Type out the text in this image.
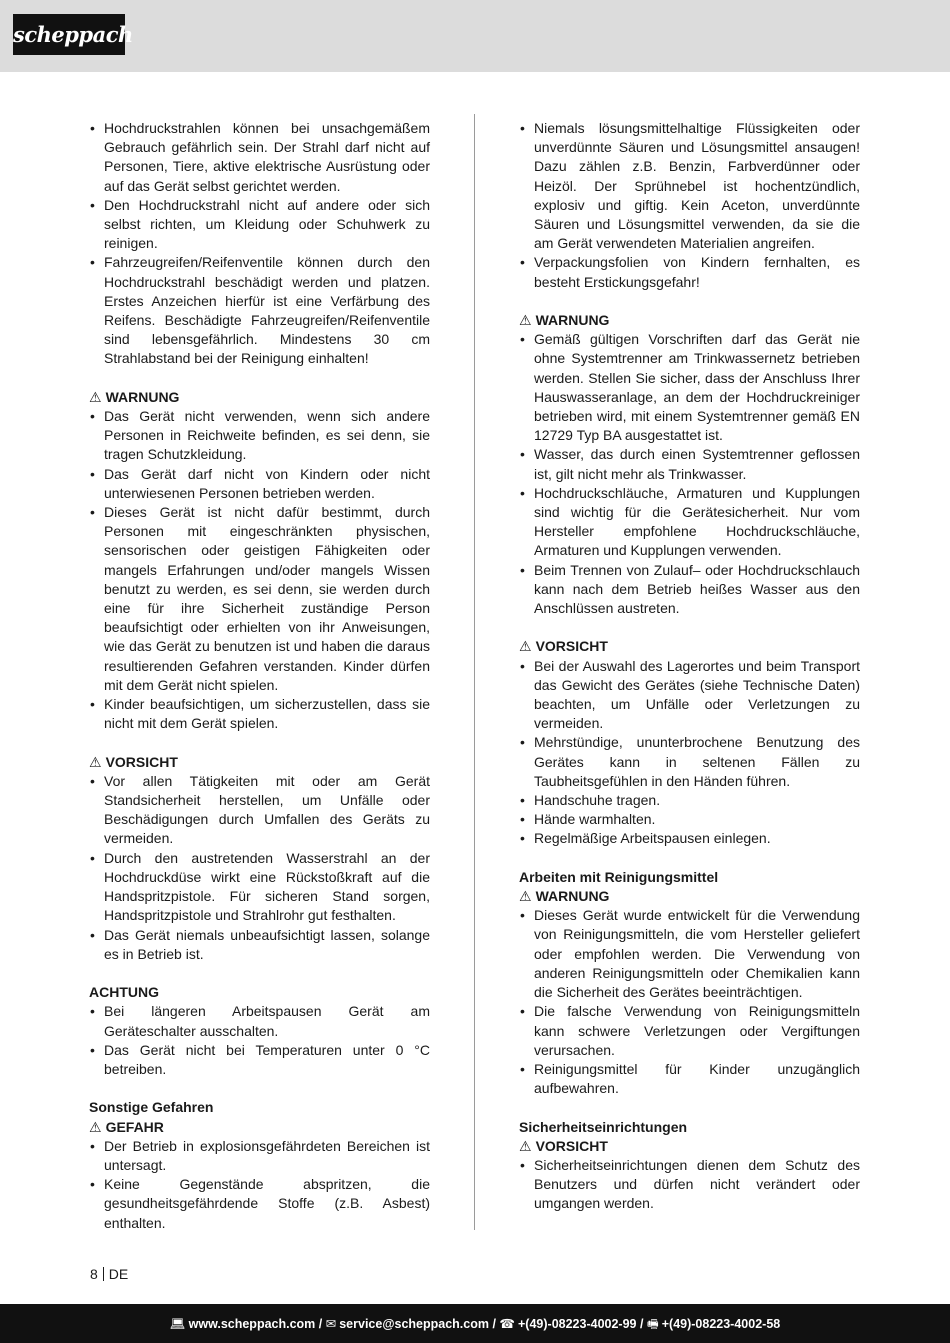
scheppach
• Hochdruckstrahlen können bei unsachgemäßem Gebrauch gefährlich sein. Der Strahl darf nicht auf Personen, Tiere, aktive elektrische Ausrüstung oder auf das Gerät selbst gerichtet werden.
• Den Hochdruckstrahl nicht auf andere oder sich selbst richten, um Kleidung oder Schuhwerk zu reinigen.
• Fahrzeugreifen/Reifenventile können durch den Hochdruckstrahl beschädigt werden und platzen. Erstes Anzeichen hierfür ist eine Verfärbung des Reifens. Beschädigte Fahrzeugreifen/Reifenventile sind lebensgefährlich. Mindestens 30 cm Strahlabstand bei der Reinigung einhalten!

⚠ WARNUNG

• Das Gerät nicht verwenden, wenn sich andere Personen in Reichweite befinden, es sei denn, sie tragen Schutzkleidung.
• Das Gerät darf nicht von Kindern oder nicht unterwiesenen Personen betrieben werden.
• Dieses Gerät ist nicht dafür bestimmt, durch Personen mit eingeschränkten physischen, sensorischen oder geistigen Fähigkeiten oder mangels Erfahrungen und/oder mangels Wissen benutzt zu werden, es sei denn, sie werden durch eine für ihre Sicherheit zuständige Person beaufsichtigt oder erhielten von ihr Anweisungen, wie das Gerät zu benutzen ist und haben die daraus resultierenden Gefahren verstanden. Kinder dürfen mit dem Gerät nicht spielen.
• Kinder beaufsichtigen, um sicherzustellen, dass sie nicht mit dem Gerät spielen.

⚠ VORSICHT

• Vor allen Tätigkeiten mit oder am Gerät Standsicherheit herstellen, um Unfälle oder Beschädigungen durch Umfallen des Geräts zu vermeiden.
• Durch den austretenden Wasserstrahl an der Hochdruckdüse wirkt eine Rückstoßkraft auf die Handspritzpistole. Für sicheren Stand sorgen, Handspritzpistole und Strahlrohr gut festhalten.
• Das Gerät niemals unbeaufsichtigt lassen, solange es in Betrieb ist.

ACHTUNG

• Bei längeren Arbeitspausen Gerät am Geräteschalter ausschalten.
• Das Gerät nicht bei Temperaturen unter 0 °C betreiben.

Sonstige Gefahren

⚠ GEFAHR

• Der Betrieb in explosionsgefährdeten Bereichen ist untersagt.
• Keine Gegenstände abspritzen, die gesundheitsgefährdende Stoffe (z.B. Asbest) enthalten.
• Niemals lösungsmittelhaltige Flüssigkeiten oder unverdünnte Säuren und Lösungsmittel ansaugen! Dazu zählen z.B. Benzin, Farbverdünner oder Heizöl. Der Sprühnebel ist hochentzündlich, explosiv und giftig. Kein Aceton, unverdünnte Säuren und Lösungsmittel verwenden, da sie die am Gerät verwendeten Materialien angreifen.
• Verpackungsfolien von Kindern fernhalten, es besteht Erstickungsgefahr!

⚠ WARNUNG

• Gemäß gültigen Vorschriften darf das Gerät nie ohne Systemtrenner am Trinkwassernetz betrieben werden. Stellen Sie sicher, dass der Anschluss Ihrer Hauswasseranlage, an dem der Hochdruckreiniger betrieben wird, mit einem Systemtrenner gemäß EN 12729 Typ BA ausgestattet ist.
• Wasser, das durch einen Systemtrenner geflossen ist, gilt nicht mehr als Trinkwasser.
• Hochdruckschläuche, Armaturen und Kupplungen sind wichtig für die Gerätesicherheit. Nur vom Hersteller empfohlene Hochdruckschläuche, Armaturen und Kupplungen verwenden.
• Beim Trennen von Zulauf– oder Hochdruckschlauch kann nach dem Betrieb heißes Wasser aus den Anschlüssen austreten.

⚠ VORSICHT

• Bei der Auswahl des Lagerortes und beim Transport das Gewicht des Gerätes (siehe Technische Daten) beachten, um Unfälle oder Verletzungen zu vermeiden.
• Mehrstündige, ununterbrochene Benutzung des Gerätes kann in seltenen Fällen zu Taubheitsgefühlen in den Händen führen.
• Handschuhe tragen.
• Hände warmhalten.
• Regelmäßige Arbeitspausen einlegen.

Arbeiten mit Reinigungsmittel

⚠ WARNUNG

• Dieses Gerät wurde entwickelt für die Verwendung von Reinigungsmitteln, die vom Hersteller geliefert oder empfohlen werden. Die Verwendung von anderen Reinigungsmitteln oder Chemikalien kann die Sicherheit des Gerätes beeinträchtigen.
• Die falsche Verwendung von Reinigungsmitteln kann schwere Verletzungen oder Vergiftungen verursachen.
• Reinigungsmittel für Kinder unzugänglich aufbewahren.

Sicherheitseinrichtungen

⚠ VORSICHT

• Sicherheitseinrichtungen dienen dem Schutz des Benutzers und dürfen nicht verändert oder umgangen werden.
8 DE
💻︎ www.scheppach.com / ✉ service@scheppach.com / ☎ +(49)-08223-4002-99 / 🖷︎ +(49)-08223-4002-58
